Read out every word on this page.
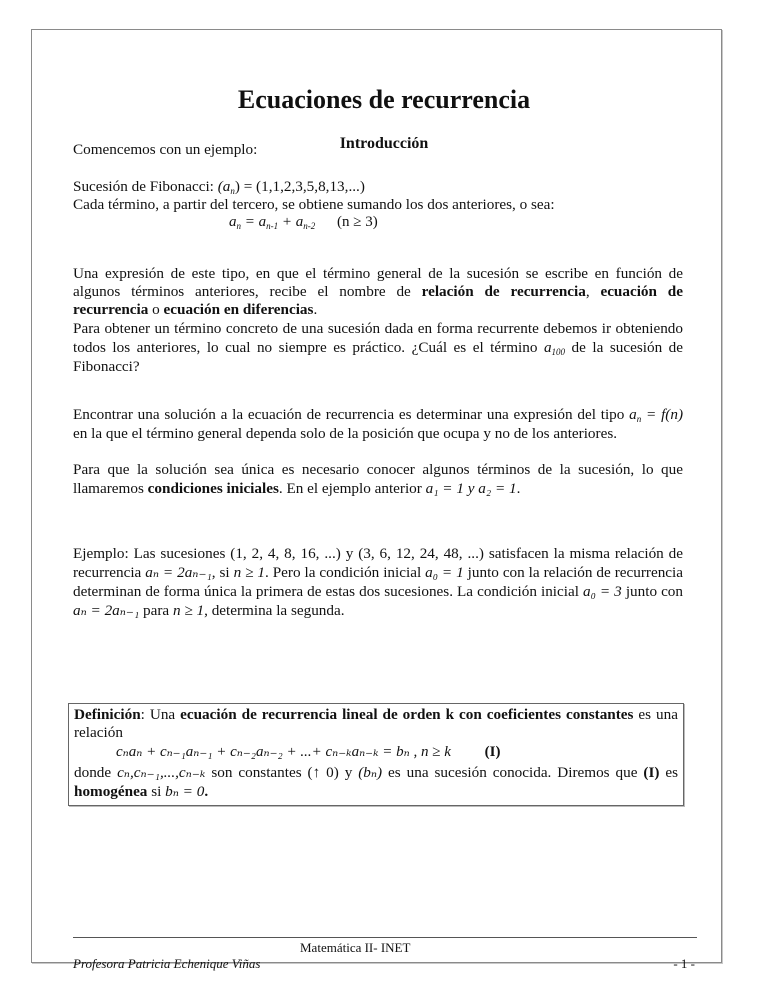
Ecuaciones de recurrencia
Introducción
Comencemos con un ejemplo:
Sucesión de Fibonacci: $(a_n) = (1,1,2,3,5,8,13,...)$
Cada término, a partir del tercero, se obtiene sumando los dos anteriores, o sea:
$a_n = a_{n-1} + a_{n-2}$ (n ≥ 3)
Una expresión de este tipo, en que el término general de la sucesión se escribe en función de algunos términos anteriores, recibe el nombre de relación de recurrencia, ecuación de recurrencia o ecuación en diferencias.
Para obtener un término concreto de una sucesión dada en forma recurrente debemos ir obteniendo todos los anteriores, lo cual no siempre es práctico. ¿Cuál es el término $a_{100}$ de la sucesión de Fibonacci?
Encontrar una solución a la ecuación de recurrencia es determinar una expresión del tipo $a_n = f(n)$ en la que el término general dependa solo de la posición que ocupa y no de los anteriores.
Para que la solución sea única es necesario conocer algunos términos de la sucesión, lo que llamaremos condiciones iniciales. En el ejemplo anterior a₁ = 1 y a₂ = 1.
Ejemplo: Las sucesiones (1, 2, 4, 8, 16, ...) y (3, 6, 12, 24, 48, ...) satisfacen la misma relación de recurrencia aₙ = 2aₙ₋₁, si n ≥ 1. Pero la condición inicial a₀ = 1 junto con la relación de recurrencia determinan de forma única la primera de estas dos sucesiones. La condición inicial a₀ = 3 junto con aₙ = 2aₙ₋₁ para n ≥ 1, determina la segunda.
Definición: Una ecuación de recurrencia lineal de orden k con coeficientes constantes es una relación
cₙaₙ + cₙ₋₁aₙ₋₁ + cₙ₋₂aₙ₋₂ + ...+ cₙ₋ₖaₙ₋ₖ = bₙ , n ≥ k (I)
donde cₙ,cₙ₋₁,...,cₙ₋ₖ son constantes (↑ 0) y (bₙ) es una sucesión conocida. Diremos que (I) es homogénea si bₙ = 0.
Matemática II- INET
Profesora Patricia Echenique Viñas	- 1 -
